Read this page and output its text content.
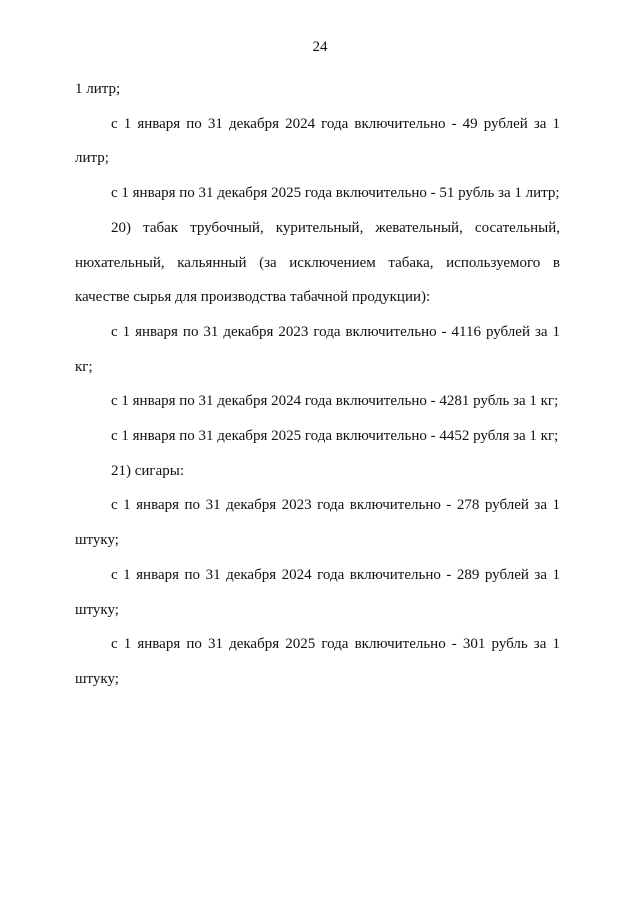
24

1 литр;

с 1 января по 31 декабря 2024 года включительно - 49 рублей за 1 литр;

с 1 января по 31 декабря 2025 года включительно - 51 рубль за 1 литр;

20) табак трубочный, курительный, жевательный, сосательный, нюхательный, кальянный (за исключением табака, используемого в качестве сырья для производства табачной продукции):

с 1 января по 31 декабря 2023 года включительно - 4116 рублей за 1 кг;

с 1 января по 31 декабря 2024 года включительно - 4281 рубль за 1 кг;

с 1 января по 31 декабря 2025 года включительно - 4452 рубля за 1 кг;

21) сигары:

с 1 января по 31 декабря 2023 года включительно - 278 рублей за 1 штуку;

с 1 января по 31 декабря 2024 года включительно - 289 рублей за 1 штуку;

с 1 января по 31 декабря 2025 года включительно - 301 рубль за 1 штуку;
